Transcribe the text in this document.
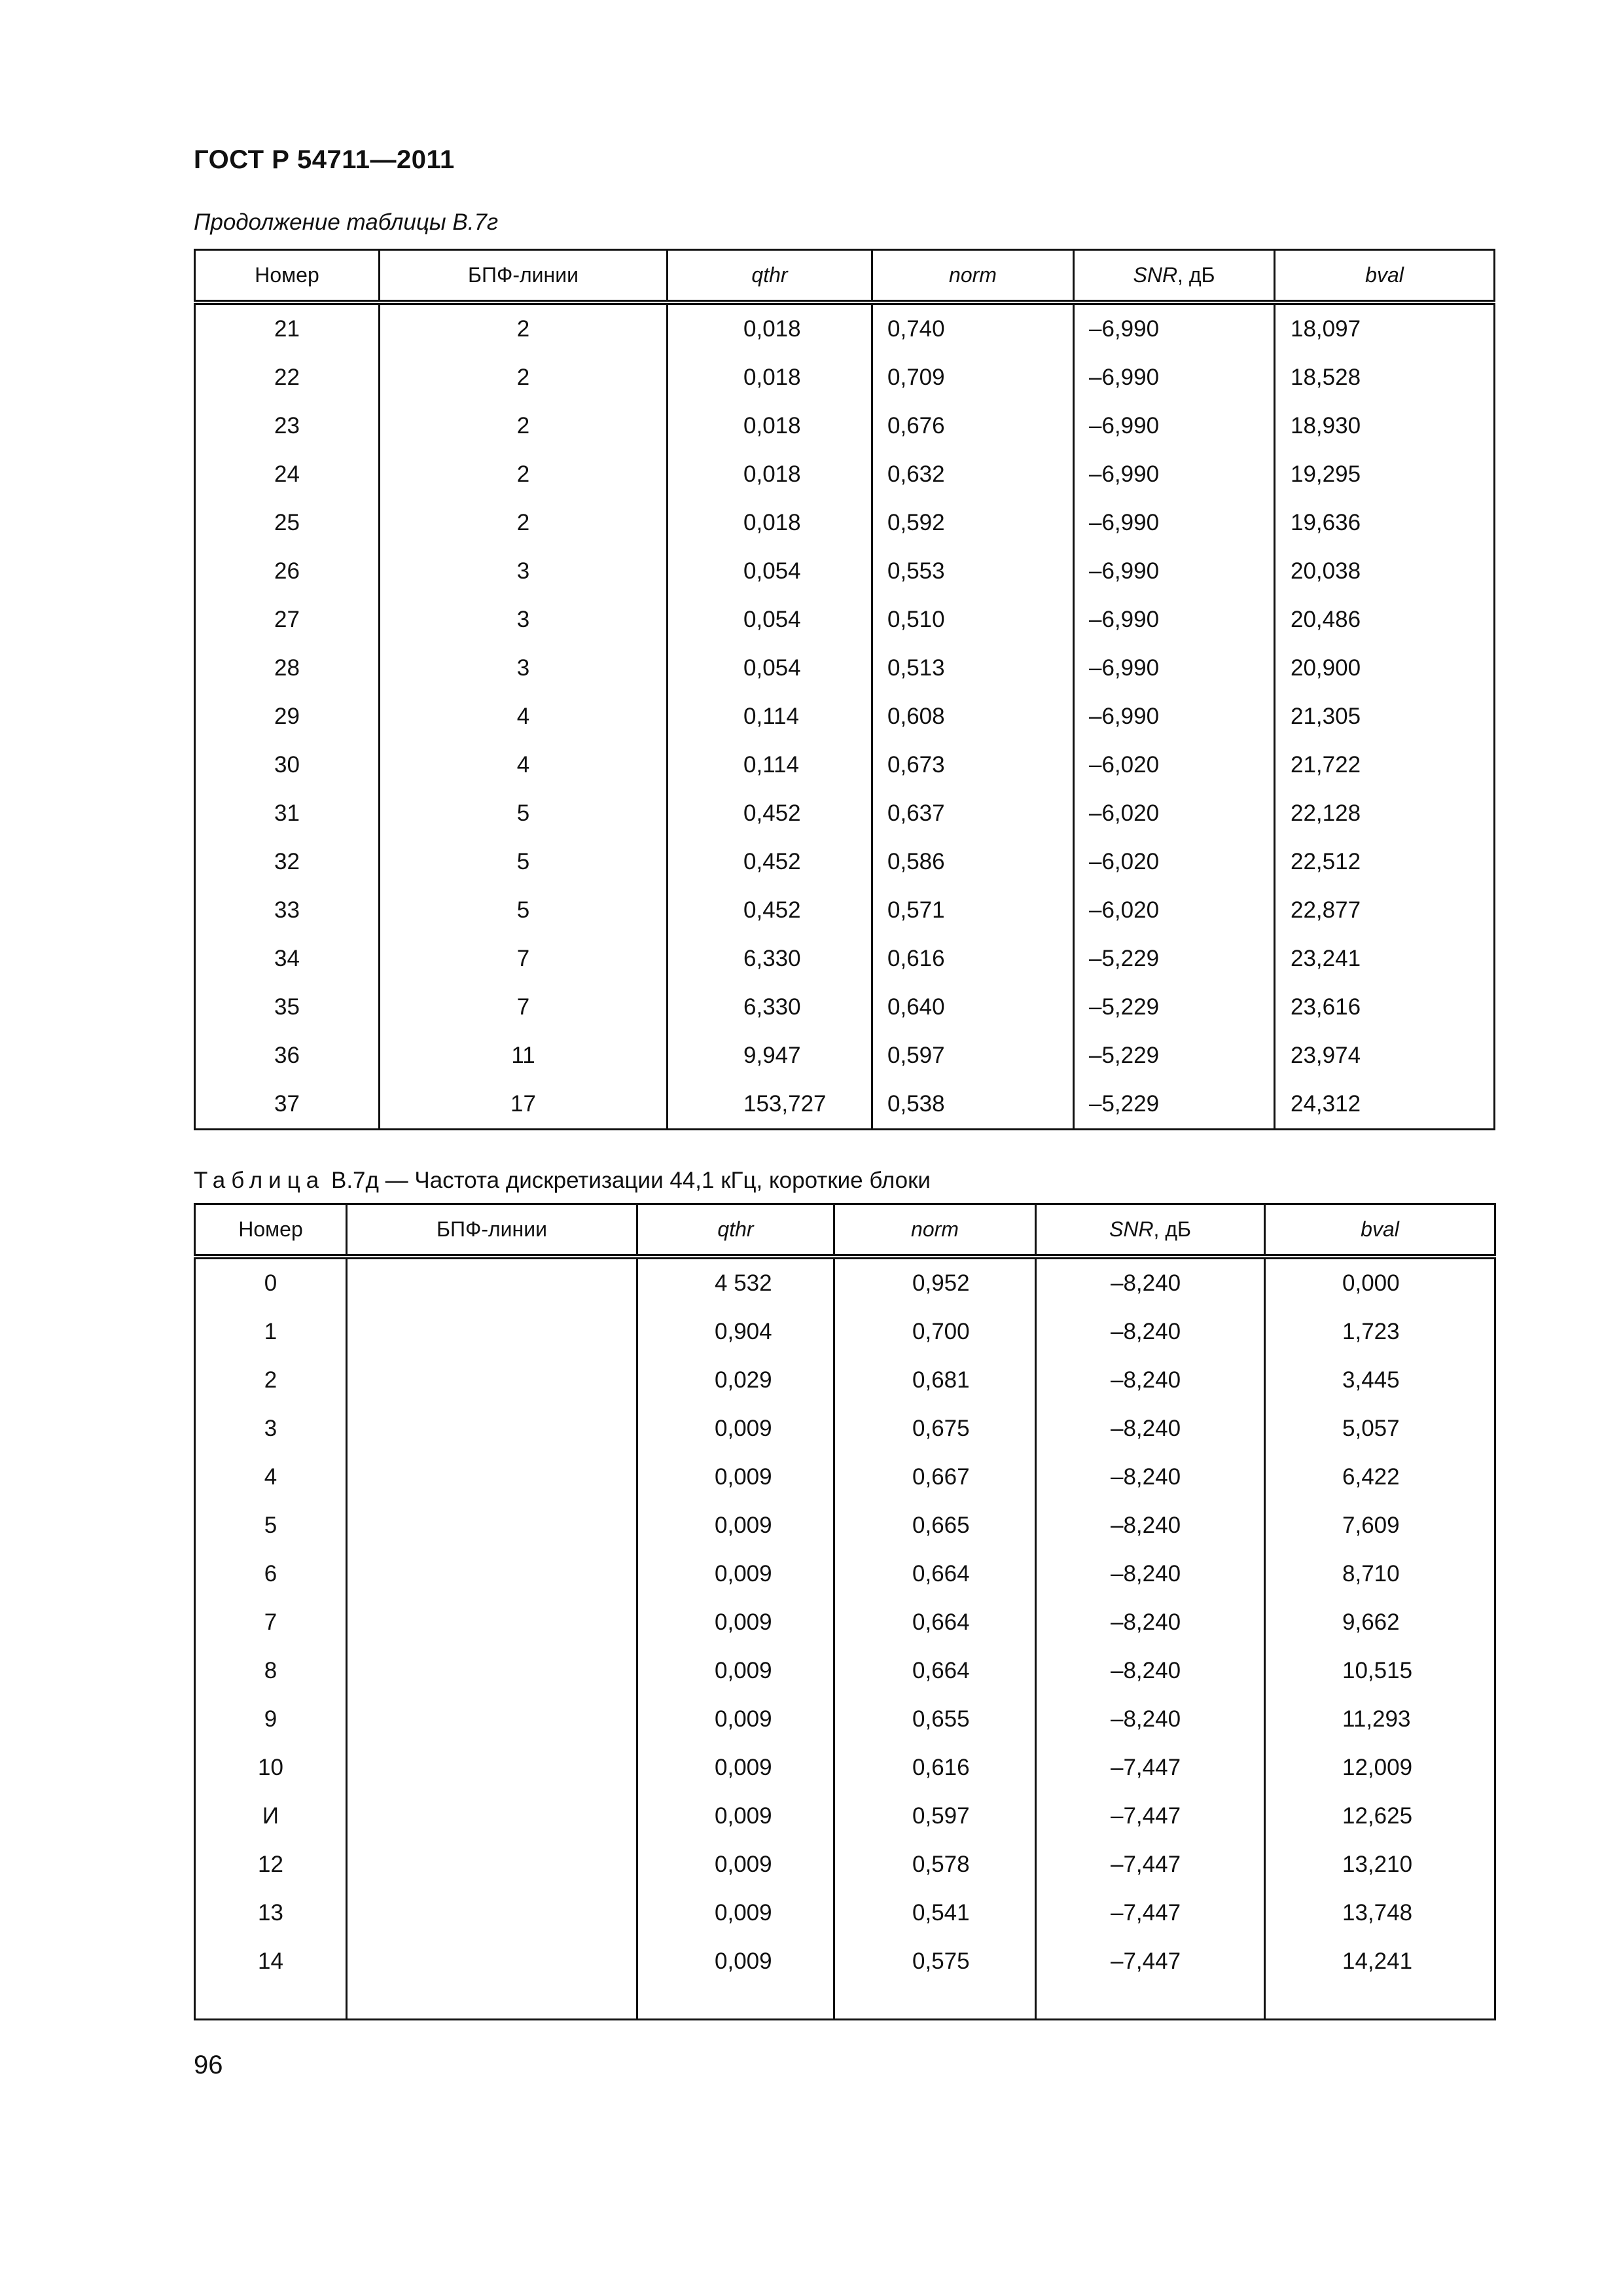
ГОСТ Р 54711—2011
Продолжение таблицы В.7г
Номер	БПФ-линии	qthr	norm	SNR, дБ	bval
21	2	0,018	0,740	–6,990	18,097
22	2	0,018	0,709	–6,990	18,528
23	2	0,018	0,676	–6,990	18,930
24	2	0,018	0,632	–6,990	19,295
25	2	0,018	0,592	–6,990	19,636
26	3	0,054	0,553	–6,990	20,038
27	3	0,054	0,510	–6,990	20,486
28	3	0,054	0,513	–6,990	20,900
29	4	0,114	0,608	–6,990	21,305
30	4	0,114	0,673	–6,020	21,722
31	5	0,452	0,637	–6,020	22,128
32	5	0,452	0,586	–6,020	22,512
33	5	0,452	0,571	–6,020	22,877
34	7	6,330	0,616	–5,229	23,241
35	7	6,330	0,640	–5,229	23,616
36	11	9,947	0,597	–5,229	23,974
37	17	153,727	0,538	–5,229	24,312
Таблица В.7д — Частота дискретизации 44,1 кГц, короткие блоки
Номер	БПФ-линии	qthr	norm	SNR, дБ	bval
0		4 532	0,952	–8,240	0,000
1		0,904	0,700	–8,240	1,723
2		0,029	0,681	–8,240	3,445
3		0,009	0,675	–8,240	5,057
4		0,009	0,667	–8,240	6,422
5		0,009	0,665	–8,240	7,609
6		0,009	0,664	–8,240	8,710
7		0,009	0,664	–8,240	9,662
8		0,009	0,664	–8,240	10,515
9		0,009	0,655	–8,240	11,293
10		0,009	0,616	–7,447	12,009
И		0,009	0,597	–7,447	12,625
12		0,009	0,578	–7,447	13,210
13		0,009	0,541	–7,447	13,748
14		0,009	0,575	–7,447	14,241

96
